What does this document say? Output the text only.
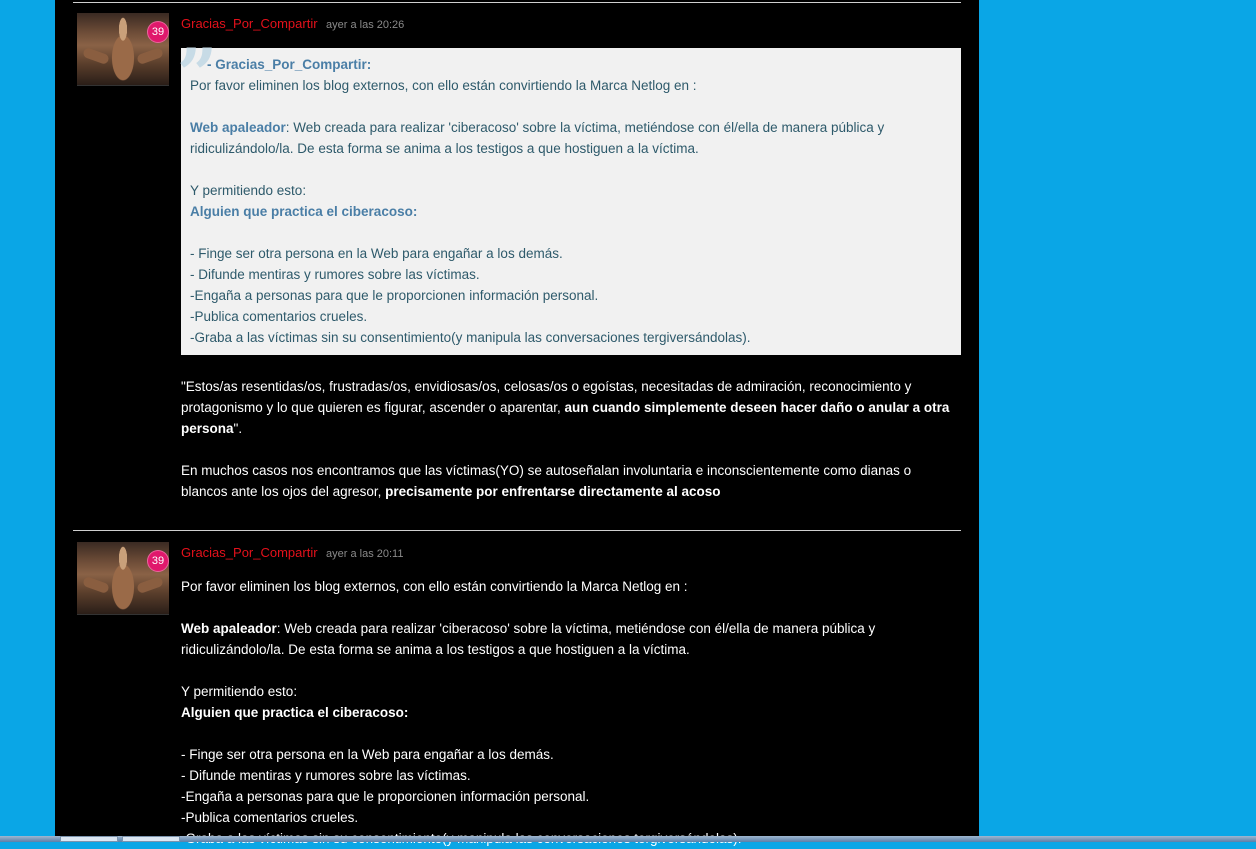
39
Gracias_Por_Compartir ayer a las 20:26
”

- Gracias_Por_Compartir:

Por favor eliminen los blog externos, con ello están convirtiendo la Marca Netlog en :

Web apaleador: Web creada para realizar 'ciberacoso' sobre la víctima, metiéndose con él/ella de manera pública y ridiculizándolo/la. De esta forma se anima a los testigos a que hostiguen a la víctima.

Y permitiendo esto:

Alguien que practica el ciberacoso:

- Finge ser otra persona en la Web para engañar a los demás.

- Difunde mentiras y rumores sobre las víctimas.

-Engaña a personas para que le proporcionen información personal.

-Publica comentarios crueles.

-Graba a las víctimas sin su consentimiento(y manipula las conversaciones tergiversándolas).

"Estos/as resentidas/os, frustradas/os, envidiosas/os, celosas/os o egoístas, necesitadas de admiración, reconocimiento y protagonismo y lo que quieren es figurar, ascender o aparentar, aun cuando simplemente deseen hacer daño o anular a otra persona".

En muchos casos nos encontramos que las víctimas(YO) se autoseñalan involuntaria e inconscientemente como dianas o blancos ante los ojos del agresor, precisamente por enfrentarse directamente al acoso

39
Gracias_Por_Compartir ayer a las 20:11

Por favor eliminen los blog externos, con ello están convirtiendo la Marca Netlog en :

Web apaleador: Web creada para realizar 'ciberacoso' sobre la víctima, metiéndose con él/ella de manera pública y ridiculizándolo/la. De esta forma se anima a los testigos a que hostiguen a la víctima.

Y permitiendo esto:

Alguien que practica el ciberacoso:

- Finge ser otra persona en la Web para engañar a los demás.

- Difunde mentiras y rumores sobre las víctimas.

-Engaña a personas para que le proporcionen información personal.

-Publica comentarios crueles.
